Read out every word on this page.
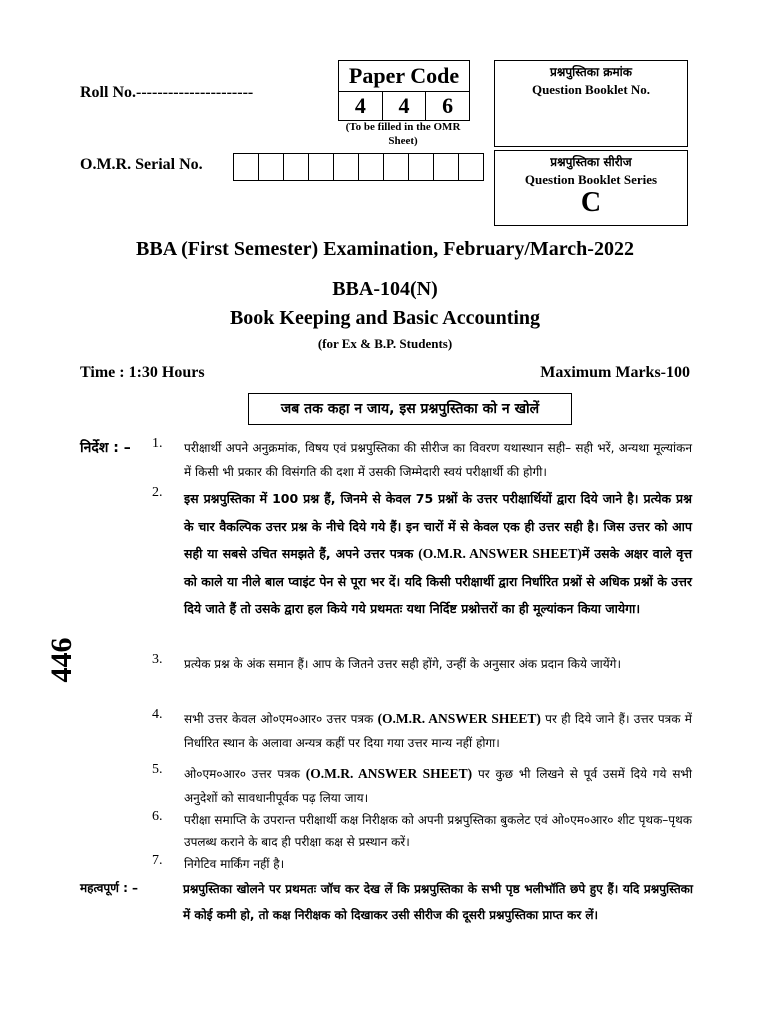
Roll No.----------------------
O.M.R. Serial No.
Paper Code
4	4	6
(To be filled in the OMR Sheet)
प्रश्नपुस्तिका क्रमांक
Question Booklet No.
प्रश्नपुस्तिका सीरीज
Question Booklet Series
C
BBA (First Semester) Examination, February/March-2022
BBA-104(N)
Book Keeping and Basic Accounting
(for Ex & B.P. Students)
Time : 1:30 Hours	Maximum Marks-100
जब तक कहा न जाय, इस प्रश्नपुस्तिका को न खोलें
446
निर्देश : – 1.	परीक्षार्थी अपने अनुक्रमांक, विषय एवं प्रश्नपुस्तिका की सीरीज का विवरण यथास्थान सही– सही भरें, अन्यथा मूल्यांकन में किसी भी प्रकार की विसंगति की दशा में उसकी जिम्मेदारी स्वयं परीक्षार्थी की होगी।
2.	इस प्रश्नपुस्तिका में 100 प्रश्न हैं, जिनमे से केवल 75 प्रश्नों के उत्तर परीक्षार्थियों द्वारा दिये जाने है। प्रत्येक प्रश्न के चार वैकल्पिक उत्तर प्रश्न के नीचे दिये गये हैं। इन चारों में से केवल एक ही उत्तर सही है। जिस उत्तर को आप सही या सबसे उचित समझते हैं, अपने उत्तर पत्रक (O.M.R. ANSWER SHEET)में उसके अक्षर वाले वृत्त को काले या नीले बाल प्वाइंट पेन से पूरा भर दें। यदि किसी परीक्षार्थी द्वारा निर्धारित प्रश्नों से अधिक प्रश्नों के उत्तर दिये जाते हैं तो उसके द्वारा हल किये गये प्रथमतः यथा निर्दिष्ट प्रश्नोत्तरों का ही मूल्यांकन किया जायेगा।
3.	प्रत्येक प्रश्न के अंक समान हैं। आप के जितने उत्तर सही होंगे, उन्हीं के अनुसार अंक प्रदान किये जायेंगे।
4.	सभी उत्तर केवल ओ०एम०आर० उत्तर पत्रक (O.M.R. ANSWER SHEET) पर ही दिये जाने हैं। उत्तर पत्रक में निर्धारित स्थान के अलावा अन्यत्र कहीं पर दिया गया उत्तर मान्य नहीं होगा।
5.	ओ०एम०आर० उत्तर पत्रक (O.M.R. ANSWER SHEET) पर कुछ भी लिखने से पूर्व उसमें दिये गये सभी अनुदेशों को सावधानीपूर्वक पढ़ लिया जाय।
6.	परीक्षा समाप्ति के उपरान्त परीक्षार्थी कक्ष निरीक्षक को अपनी प्रश्नपुस्तिका बुकलेट एवं ओ०एम०आर० शीट पृथक–पृथक उपलब्ध कराने के बाद ही परीक्षा कक्ष से प्रस्थान करें।
7.	निगेटिव मार्किंग नहीं है।
महत्वपूर्ण : –	प्रश्नपुस्तिका खोलने पर प्रथमतः जॉच कर देख लें कि प्रश्नपुस्तिका के सभी पृष्ठ भलीभॉति छपे हुए हैं। यदि प्रश्नपुस्तिका में कोई कमी हो, तो कक्ष निरीक्षक को दिखाकर उसी सीरीज की दूसरी प्रश्नपुस्तिका प्राप्त कर लें।
